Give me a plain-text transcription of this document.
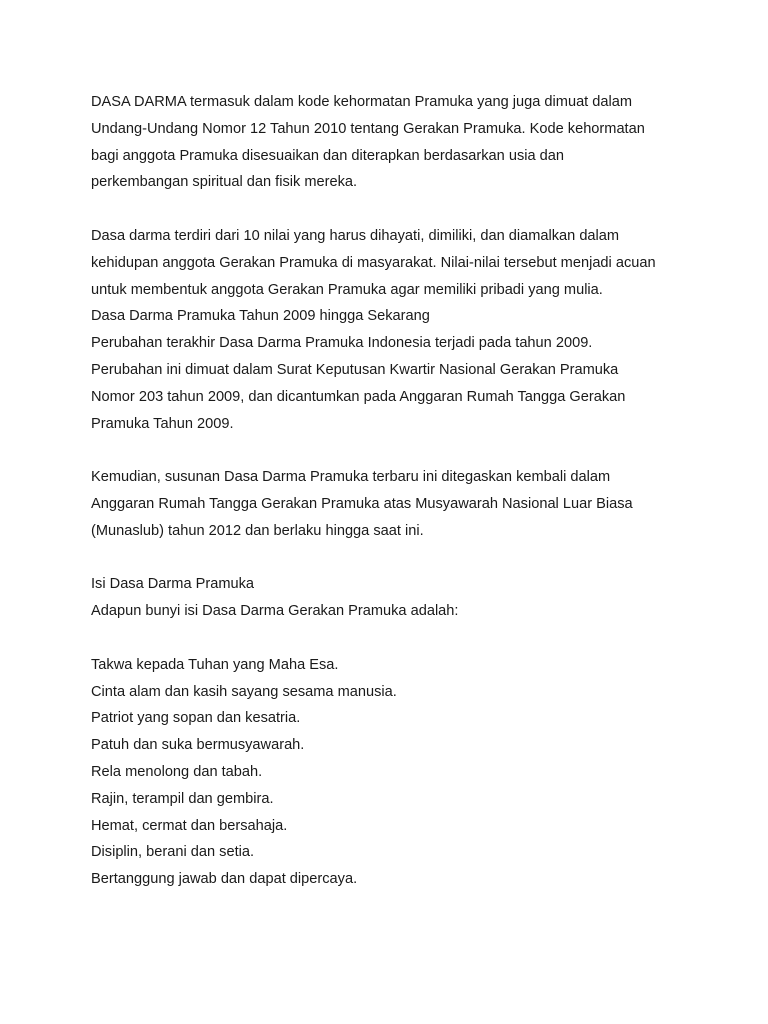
DASA DARMA termasuk dalam kode kehormatan Pramuka yang juga dimuat dalam
Undang-Undang Nomor 12 Tahun 2010 tentang Gerakan Pramuka. Kode kehormatan
bagi anggota Pramuka disesuaikan dan diterapkan berdasarkan usia dan
perkembangan spiritual dan fisik mereka.

Dasa darma terdiri dari 10 nilai yang harus dihayati, dimiliki, dan diamalkan dalam
kehidupan anggota Gerakan Pramuka di masyarakat. Nilai-nilai tersebut menjadi acuan
untuk membentuk anggota Gerakan Pramuka agar memiliki pribadi yang mulia.
Dasa Darma Pramuka Tahun 2009 hingga Sekarang
Perubahan terakhir Dasa Darma Pramuka Indonesia terjadi pada tahun 2009.
Perubahan ini dimuat dalam Surat Keputusan Kwartir Nasional Gerakan Pramuka
Nomor 203 tahun 2009, dan dicantumkan pada Anggaran Rumah Tangga Gerakan
Pramuka Tahun 2009.

Kemudian, susunan Dasa Darma Pramuka terbaru ini ditegaskan kembali dalam
Anggaran Rumah Tangga Gerakan Pramuka atas Musyawarah Nasional Luar Biasa
(Munaslub) tahun 2012 dan berlaku hingga saat ini.

Isi Dasa Darma Pramuka
Adapun bunyi isi Dasa Darma Gerakan Pramuka adalah:

Takwa kepada Tuhan yang Maha Esa.
Cinta alam dan kasih sayang sesama manusia.
Patriot yang sopan dan kesatria.
Patuh dan suka bermusyawarah.
Rela menolong dan tabah.
Rajin, terampil dan gembira.
Hemat, cermat dan bersahaja.
Disiplin, berani dan setia.
Bertanggung jawab dan dapat dipercaya.
